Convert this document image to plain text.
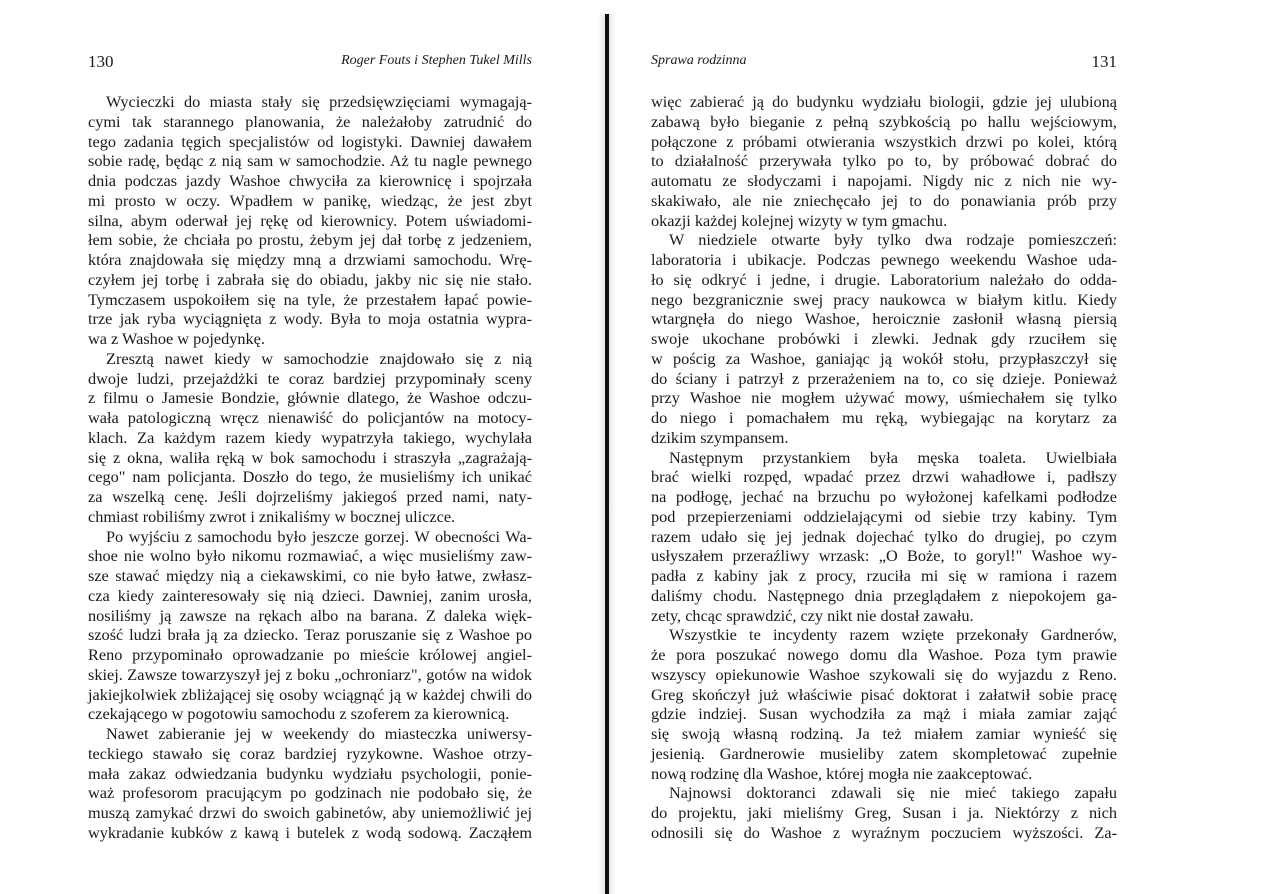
130	Roger Fouts i Stephen Tukel Mills
Wycieczki do miasta stały się przedsięwzięciami wymagają-
cymi tak starannego planowania, że należałoby zatrudnić do
tego zadania tęgich specjalistów od logistyki. Dawniej dawałem
sobie radę, będąc z nią sam w samochodzie. Aż tu nagle pewnego
dnia podczas jazdy Washoe chwyciła za kierownicę i spojrzała
mi prosto w oczy. Wpadłem w panikę, wiedząc, że jest zbyt
silna, abym oderwał jej rękę od kierownicy. Potem uświadomi-
łem sobie, że chciała po prostu, żebym jej dał torbę z jedzeniem,
która znajdowała się między mną a drzwiami samochodu. Wrę-
czyłem jej torbę i zabrała się do obiadu, jakby nic się nie stało.
Tymczasem uspokoiłem się na tyle, że przestałem łapać powie-
trze jak ryba wyciągnięta z wody. Była to moja ostatnia wypra-
wa z Washoe w pojedynkę.
Zresztą nawet kiedy w samochodzie znajdowało się z nią
dwoje ludzi, przejażdżki te coraz bardziej przypominały sceny
z filmu o Jamesie Bondzie, głównie dlatego, że Washoe odczu-
wała patologiczną wręcz nienawiść do policjantów na motocy-
klach. Za każdym razem kiedy wypatrzyła takiego, wychylała
się z okna, waliła ręką w bok samochodu i straszyła „zagrażają-
cego" nam policjanta. Doszło do tego, że musieliśmy ich unikać
za wszelką cenę. Jeśli dojrzeliśmy jakiegoś przed nami, naty-
chmiast robiliśmy zwrot i znikaliśmy w bocznej uliczce.
Po wyjściu z samochodu było jeszcze gorzej. W obecności Wa-
shoe nie wolno było nikomu rozmawiać, a więc musieliśmy zaw-
sze stawać między nią a ciekawskimi, co nie było łatwe, zwłasz-
cza kiedy zainteresowały się nią dzieci. Dawniej, zanim urosła,
nosiliśmy ją zawsze na rękach albo na barana. Z daleka więk-
szość ludzi brała ją za dziecko. Teraz poruszanie się z Washoe po
Reno przypominało oprowadzanie po mieście królowej angiel-
skiej. Zawsze towarzyszył jej z boku „ochroniarz", gotów na widok
jakiejkolwiek zbliżającej się osoby wciągnąć ją w każdej chwili do
czekającego w pogotowiu samochodu z szoferem za kierownicą.
Nawet zabieranie jej w weekendy do miasteczka uniwersy-
teckiego stawało się coraz bardziej ryzykowne. Washoe otrzy-
mała zakaz odwiedzania budynku wydziału psychologii, ponie-
waż profesorom pracującym po godzinach nie podobało się, że
muszą zamykać drzwi do swoich gabinetów, aby uniemożliwić jej
wykradanie kubków z kawą i butelek z wodą sodową. Zacząłem
Sprawa rodzinna	131
więc zabierać ją do budynku wydziału biologii, gdzie jej ulubioną
zabawą było bieganie z pełną szybkością po hallu wejściowym,
połączone z próbami otwierania wszystkich drzwi po kolei, którą
to działalność przerywała tylko po to, by próbować dobrać do
automatu ze słodyczami i napojami. Nigdy nic z nich nie wy-
skakiwało, ale nie zniechęcało jej to do ponawiania prób przy
okazji każdej kolejnej wizyty w tym gmachu.
W niedziele otwarte były tylko dwa rodzaje pomieszczeń:
laboratoria i ubikacje. Podczas pewnego weekendu Washoe uda-
ło się odkryć i jedne, i drugie. Laboratorium należało do odda-
nego bezgranicznie swej pracy naukowca w białym kitlu. Kiedy
wtargnęła do niego Washoe, heroicznie zasłonił własną piersią
swoje ukochane probówki i zlewki. Jednak gdy rzuciłem się
w pościg za Washoe, ganiając ją wokół stołu, przypłaszczył się
do ściany i patrzył z przerażeniem na to, co się dzieje. Ponieważ
przy Washoe nie mogłem używać mowy, uśmiechałem się tylko
do niego i pomachałem mu ręką, wybiegając na korytarz za
dzikim szympansem.
Następnym przystankiem była męska toaleta. Uwielbiała
brać wielki rozpęd, wpadać przez drzwi wahadłowe i, padłszy
na podłogę, jechać na brzuchu po wyłożonej kafelkami podłodze
pod przepierzeniami oddzielającymi od siebie trzy kabiny. Tym
razem udało się jej jednak dojechać tylko do drugiej, po czym
usłyszałem przeraźliwy wrzask: „O Boże, to goryl!" Washoe wy-
padła z kabiny jak z procy, rzuciła mi się w ramiona i razem
daliśmy chodu. Następnego dnia przeglądałem z niepokojem ga-
zety, chcąc sprawdzić, czy nikt nie dostał zawału.
Wszystkie te incydenty razem wzięte przekonały Gardnerów,
że pora poszukać nowego domu dla Washoe. Poza tym prawie
wszyscy opiekunowie Washoe szykowali się do wyjazdu z Reno.
Greg skończył już właściwie pisać doktorat i załatwił sobie pracę
gdzie indziej. Susan wychodziła za mąż i miała zamiar zająć
się swoją własną rodziną. Ja też miałem zamiar wynieść się
jesienią. Gardnerowie musieliby zatem skompletować zupełnie
nową rodzinę dla Washoe, której mogła nie zaakceptować.
Najnowsi doktoranci zdawali się nie mieć takiego zapału
do projektu, jaki mieliśmy Greg, Susan i ja. Niektórzy z nich
odnosili się do Washoe z wyraźnym poczuciem wyższości. Za-
